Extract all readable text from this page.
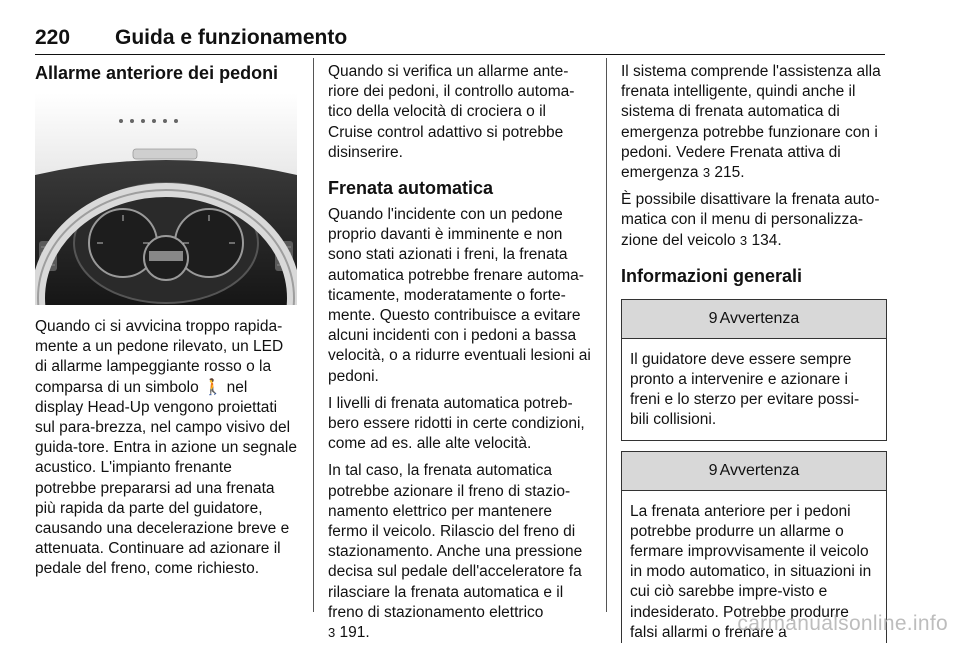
220 Guida e funzionamento
Allarme anteriore dei pedoni

Quando ci si avvicina troppo rapida-mente a un pedone rilevato, un LED di allarme lampeggiante rosso o la comparsa di un simbolo 🚶 nel display Head-Up vengono proiettati sul para-brezza, nel campo visivo del guida-tore. Entra in azione un segnale acustico. L'impianto frenante potrebbe prepararsi ad una frenata più rapida da parte del guidatore, causando una decelerazione breve e attenuata. Continuare ad azionare il pedale del freno, come richiesto.

Quando si verifica un allarme ante-riore dei pedoni, il controllo automa-tico della velocità di crociera o il Cruise control adattivo si potrebbe disinserire.

Frenata automatica

Quando l'incidente con un pedone proprio davanti è imminente e non sono stati azionati i freni, la frenata automatica potrebbe frenare automa-ticamente, moderatamente o forte-mente. Questo contribuisce a evitare alcuni incidenti con i pedoni a bassa velocità, o a ridurre eventuali lesioni ai pedoni.

I livelli di frenata automatica potreb-bero essere ridotti in certe condizioni, come ad es. alle alte velocità.

In tal caso, la frenata automatica potrebbe azionare il freno di stazio-namento elettrico per mantenere fermo il veicolo. Rilascio del freno di stazionamento. Anche una pressione decisa sul pedale dell'acceleratore fa rilasciare la frenata automatica e il freno di stazionamento elettrico
3 191.

Il sistema comprende l'assistenza alla frenata intelligente, quindi anche il sistema di frenata automatica di emergenza potrebbe funzionare con i pedoni. Vedere Frenata attiva di emergenza 3 215.

È possibile disattivare la frenata auto-matica con il menu di personalizza-zione del veicolo 3 134.

Informazioni generali
9 Avvertenza
Il guidatore deve essere sempre pronto a intervenire e azionare i freni e lo sterzo per evitare possi-bili collisioni.
9 Avvertenza
La frenata anteriore per i pedoni potrebbe produrre un allarme o fermare improvvisamente il veicolo in modo automatico, in situazioni in cui ciò sarebbe impre-visto e indesiderato. Potrebbe produrre falsi allarmi o frenare a
carmanualsonline.info
